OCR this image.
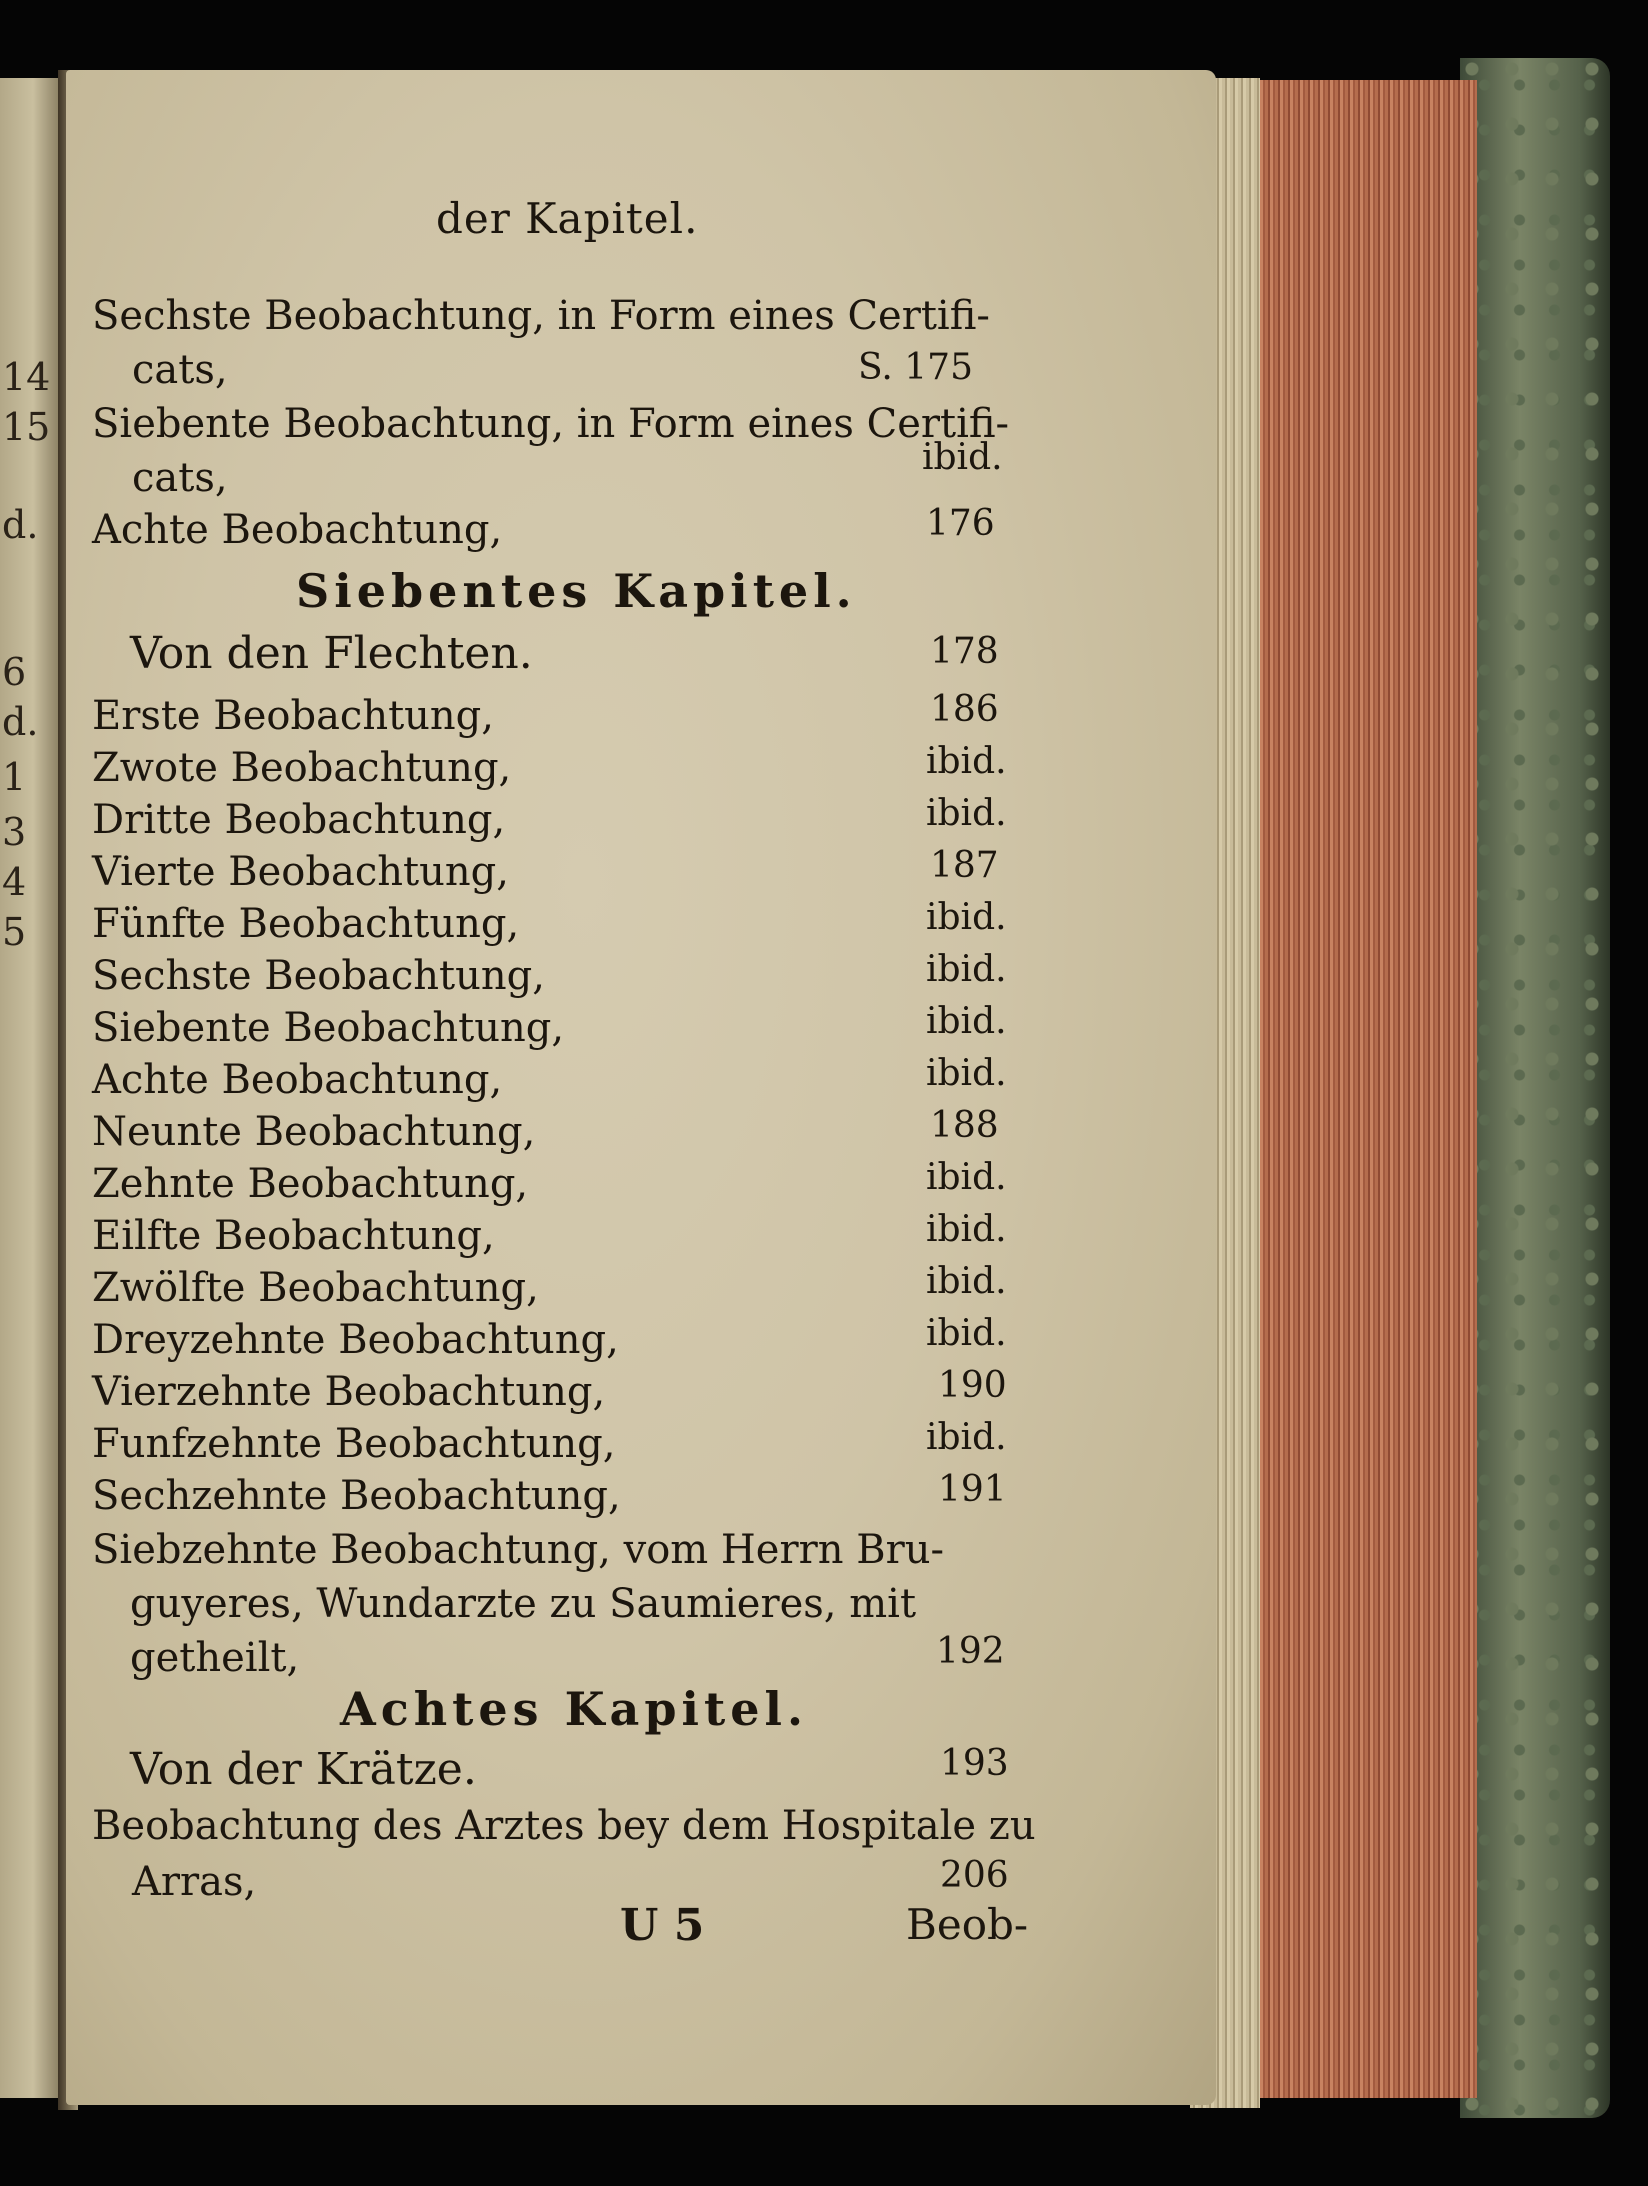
14
15
d.
6
d.
1
3
4
5
der Kapitel.
Sechste Beobachtung, in Form eines Certifi-
cats,	S. 175
Siebente Beobachtung, in Form eines Certifi-
cats,	ibid.
Achte Beobachtung,	176
Siebentes Kapitel.
Von den Flechten.	178
Erste Beobachtung,	186
Zwote Beobachtung,	ibid.
Dritte Beobachtung,	ibid.
Vierte Beobachtung,	187
Fünfte Beobachtung,	ibid.
Sechste Beobachtung,	ibid.
Siebente Beobachtung,	ibid.
Achte Beobachtung,	ibid.
Neunte Beobachtung,	188
Zehnte Beobachtung,	ibid.
Eilfte Beobachtung,	ibid.
Zwölfte Beobachtung,	ibid.
Dreyzehnte Beobachtung,	ibid.
Vierzehnte Beobachtung,	190
Funfzehnte Beobachtung,	ibid.
Sechzehnte Beobachtung,	191
Siebzehnte Beobachtung, vom Herrn Bru-
guyeres, Wundarzte zu Saumieres, mit
getheilt,	192
Achtes Kapitel.
Von der Krätze.	193
Beobachtung des Arztes bey dem Hospitale zu
Arras,	206
U 5	Beob-
